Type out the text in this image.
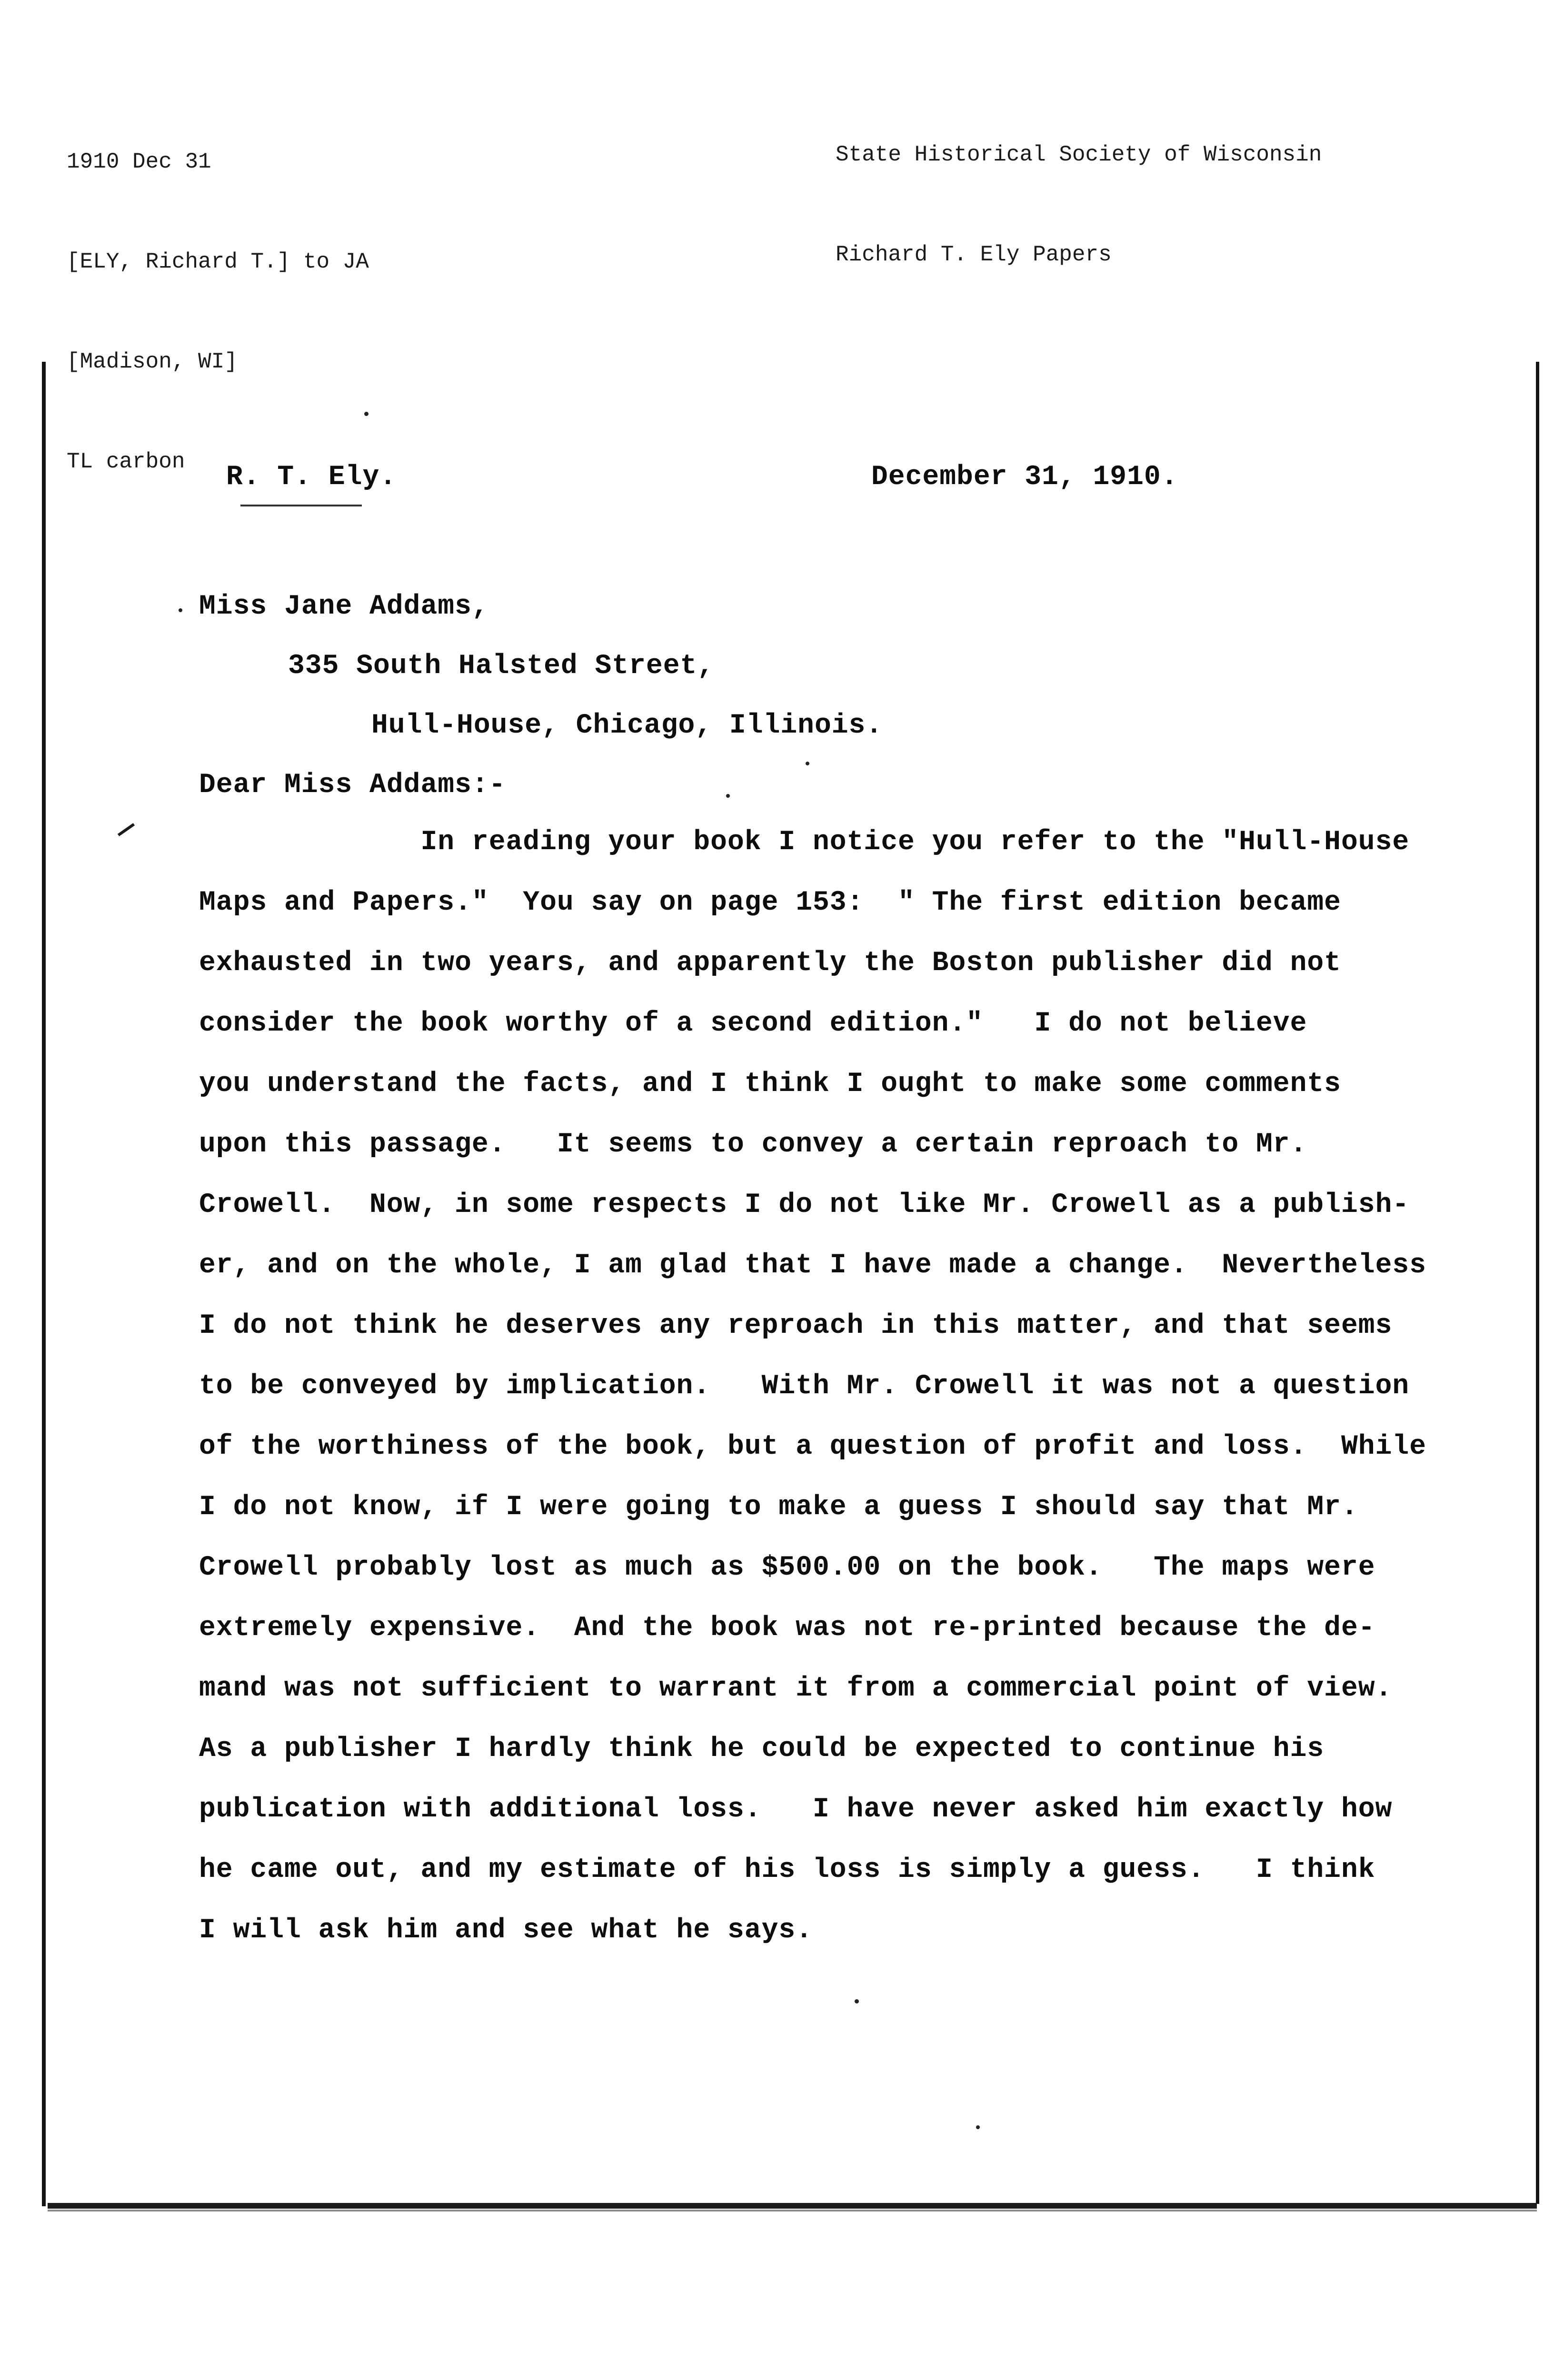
1910 Dec 31

[ELY, Richard T.] to JA

[Madison, WI]

TL carbon

State Historical Society of Wisconsin

Richard T. Ely Papers

R. T. Ely.	December 31, 1910.
Miss Jane Addams,
335 South Halsted Street,
Hull-House, Chicago, Illinois.
Dear Miss Addams:-
In reading your book I notice you refer to the "Hull-House
Maps and Papers."  You say on page 153:  " The first edition became
exhausted in two years, and apparently the Boston publisher did not
consider the book worthy of a second edition."   I do not believe
you understand the facts, and I think I ought to make some comments
upon this passage.   It seems to convey a certain reproach to Mr.
Crowell.  Now, in some respects I do not like Mr. Crowell as a publish-
er, and on the whole, I am glad that I have made a change.  Nevertheless
I do not think he deserves any reproach in this matter, and that seems
to be conveyed by implication.   With Mr. Crowell it was not a question
of the worthiness of the book, but a question of profit and loss.  While
I do not know, if I were going to make a guess I should say that Mr.
Crowell probably lost as much as $500.00 on the book.   The maps were
extremely expensive.  And the book was not re-printed because the de-
mand was not sufficient to warrant it from a commercial point of view.
As a publisher I hardly think he could be expected to continue his
publication with additional loss.   I have never asked him exactly how
he came out, and my estimate of his loss is simply a guess.   I think
I will ask him and see what he says.
